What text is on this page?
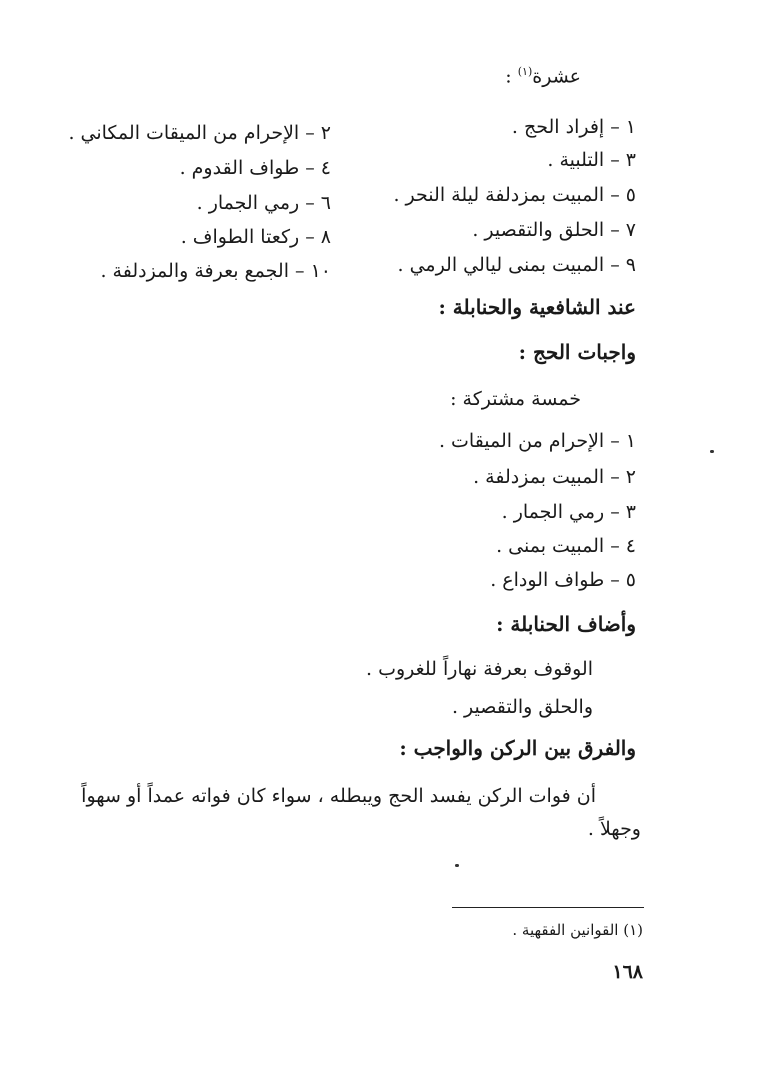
عشرة$^{(١)}$ :
١ – إفراد الحج .
٣ – التلبية .
٥ – المبيت بمزدلفة ليلة النحر .
٧ – الحلق والتقصير .
٩ – المبيت بمنى ليالي الرمي .
٢ – الإحرام من الميقات المكاني .
٤ – طواف القدوم .
٦ – رمي الجمار .
٨ – ركعتا الطواف .
١٠ – الجمع بعرفة والمزدلفة .
عند الشافعية والحنابلة :
واجبات الحج :
خمسة مشتركة :
١ – الإحرام من الميقات .
٢ – المبيت بمزدلفة .
٣ – رمي الجمار .
٤ – المبيت بمنى .
٥ – طواف الوداع .
وأضاف الحنابلة :
الوقوف بعرفة نهاراً للغروب .
والحلق والتقصير .
والفرق بين الركن والواجب :
أن فوات الركن يفسد الحج ويبطله ، سواء كان فواته عمداً أو سهواً
وجهلاً .
(١) القوانين الفقهية .
١٦٨
